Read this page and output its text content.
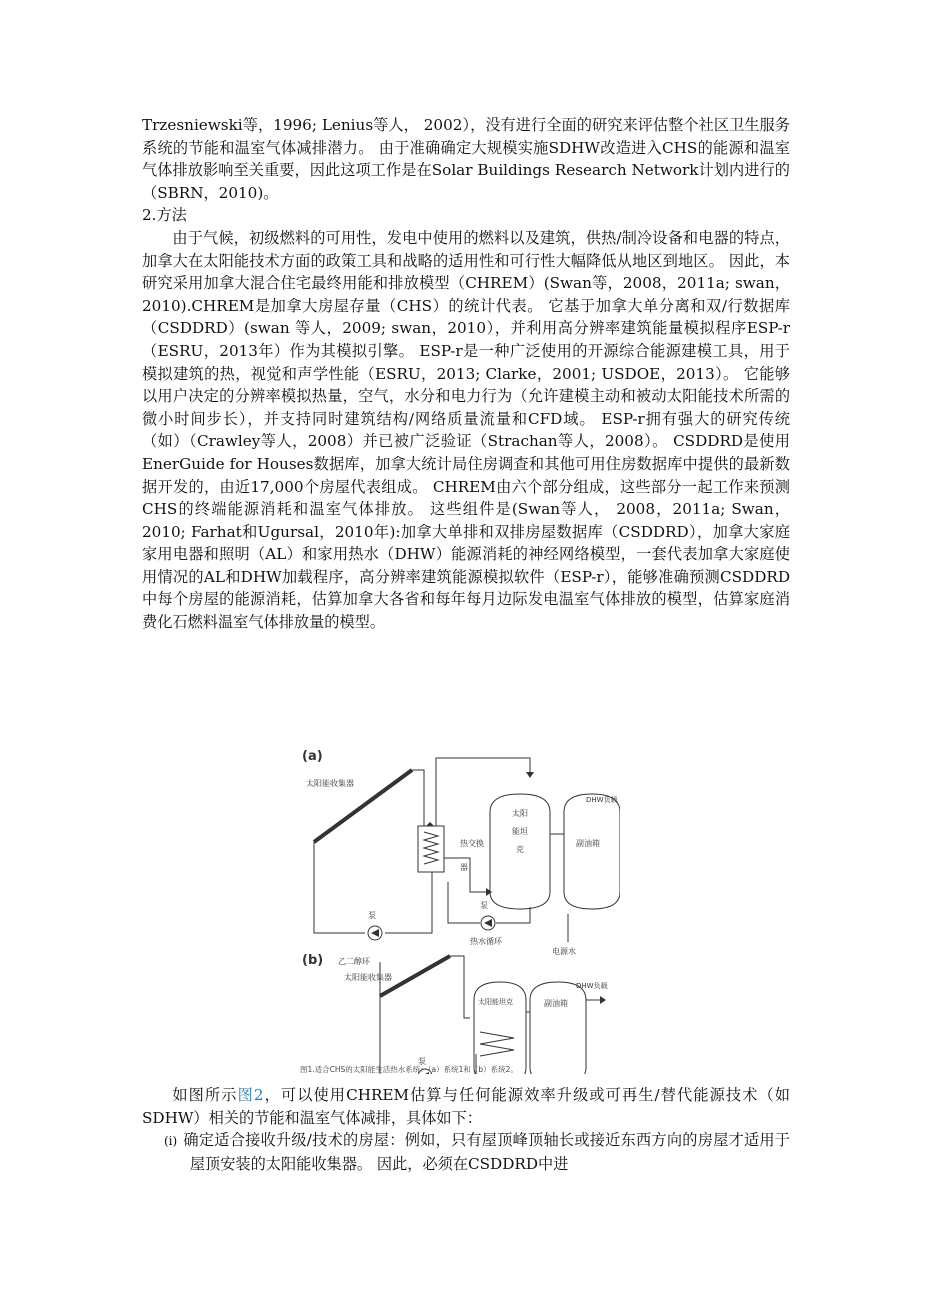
Trzesniewski等，1996; Lenius等人， 2002），没有进行全面的研究来评估整个社区卫生服务系统的节能和温室气体减排潜力。 由于准确确定大规模实施SDHW改造进入CHS的能源和温室气体排放影响至关重要，因此这项工作是在Solar Buildings Research Network计划内进行的（SBRN，2010)。

2.方法

由于气候，初级燃料的可用性，发电中使用的燃料以及建筑，供热/制冷设备和电器的特点，加拿大在太阳能技术方面的政策工具和战略的适用性和可行性大幅降低从地区到地区。 因此，本研究采用加拿大混合住宅最终用能和排放模型（CHREM）(Swan等，2008，2011a; swan，2010).CHREM是加拿大房屋存量（CHS）的统计代表。 它基于加拿大单分离和双/行数据库（CSDDRD）(swan 等人，2009; swan，2010），并利用高分辨率建筑能量模拟程序ESP-r（ESRU，2013年）作为其模拟引擎。 ESP-r是一种广泛使用的开源综合能源建模工具，用于模拟建筑的热，视觉和声学性能（ESRU，2013; Clarke，2001; USDOE，2013）。 它能够以用户决定的分辨率模拟热量，空气，水分和电力行为（允许建模主动和被动太阳能技术所需的微小时间步长），并支持同时建筑结构/网络质量流量和CFD域。 ESP-r拥有强大的研究传统（如）（Crawley等人，2008）并已被广泛验证（Strachan等人，2008）。 CSDDRD是使用EnerGuide for Houses数据库，加拿大统计局住房调查和其他可用住房数据库中提供的最新数据开发的，由近17,000个房屋代表组成。 CHREM由六个部分组成，这些部分一起工作来预测CHS的终端能源消耗和温室气体排放。 这些组件是(Swan等人， 2008，2011a; Swan，2010; Farhat和Ugursal，2010年):加拿大单排和双排房屋数据库（CSDDRD），加拿大家庭家用电器和照明（AL）和家用热水（DHW）能源消耗的神经网络模型，一套代表加拿大家庭使用情况的AL和DHW加载程序，高分辨率建筑能源模拟软件（ESP-r），能够准确预测CSDDRD中每个房屋的能源消耗，估算加拿大各省和每年每月边际发电温室气体排放的模型，估算家庭消费化石燃料温室气体排放量的模型。

(a)
太阳能收集器
热交换
器
泵
泵
太阳
能坦
克
副油箱
DHW负载
乙二醇环
热水循环
电源水
(b)
太阳能收集器
太阳能坦克	副油箱
DHW负载
泵
图1.适合CHS的太阳能生活热水系统：（a）系统1和（b）系统2。

如图所示图2，可以使用CHREM估算与任何能源效率升级或可再生/替代能源技术（如SDHW）相关的节能和温室气体减排，具体如下：

(i) 确定适合接收升级/技术的房屋：例如，只有屋顶峰顶轴长或接近东西方向的房屋才适用于屋顶安装的太阳能收集器。 因此，必须在CSDDRD中进
